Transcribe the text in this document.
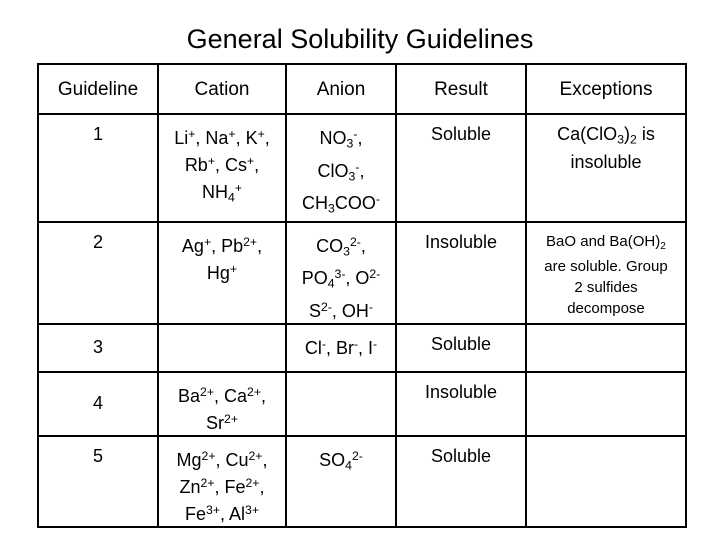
General Solubility Guidelines
Guideline	Cation	Anion	Result	Exceptions
1	Li+, Na+, K+,
Rb+, Cs+,
$NH_4^+$	$NO_3^-$,
ClO$_3$-,
$CH_3COO^-$	Soluble	$Ca(ClO_3)_2$ is
insoluble
2	Ag+, $Pb^{2+}$,
Hg+	$CO_3^{2-}$,
$PO_4^{3-}$, $O^{2-}$
$S^{2-}$, OH-	Insoluble	BaO and $Ba(OH)_2$
are soluble. Group
2 sulfides
decompose
3		Cl-, Br-, I-	Soluble	
4	$Ba^{2+}$, $Ca^{2+}$,
$Sr^{2+}$		Insoluble	
5	$Mg^{2+}$, $Cu^{2+}$,
$Zn^{2+}$, $Fe^{2+}$,
$Fe^{3+}$, $Al^{3+}$	$SO_4^{2-}$	Soluble	
